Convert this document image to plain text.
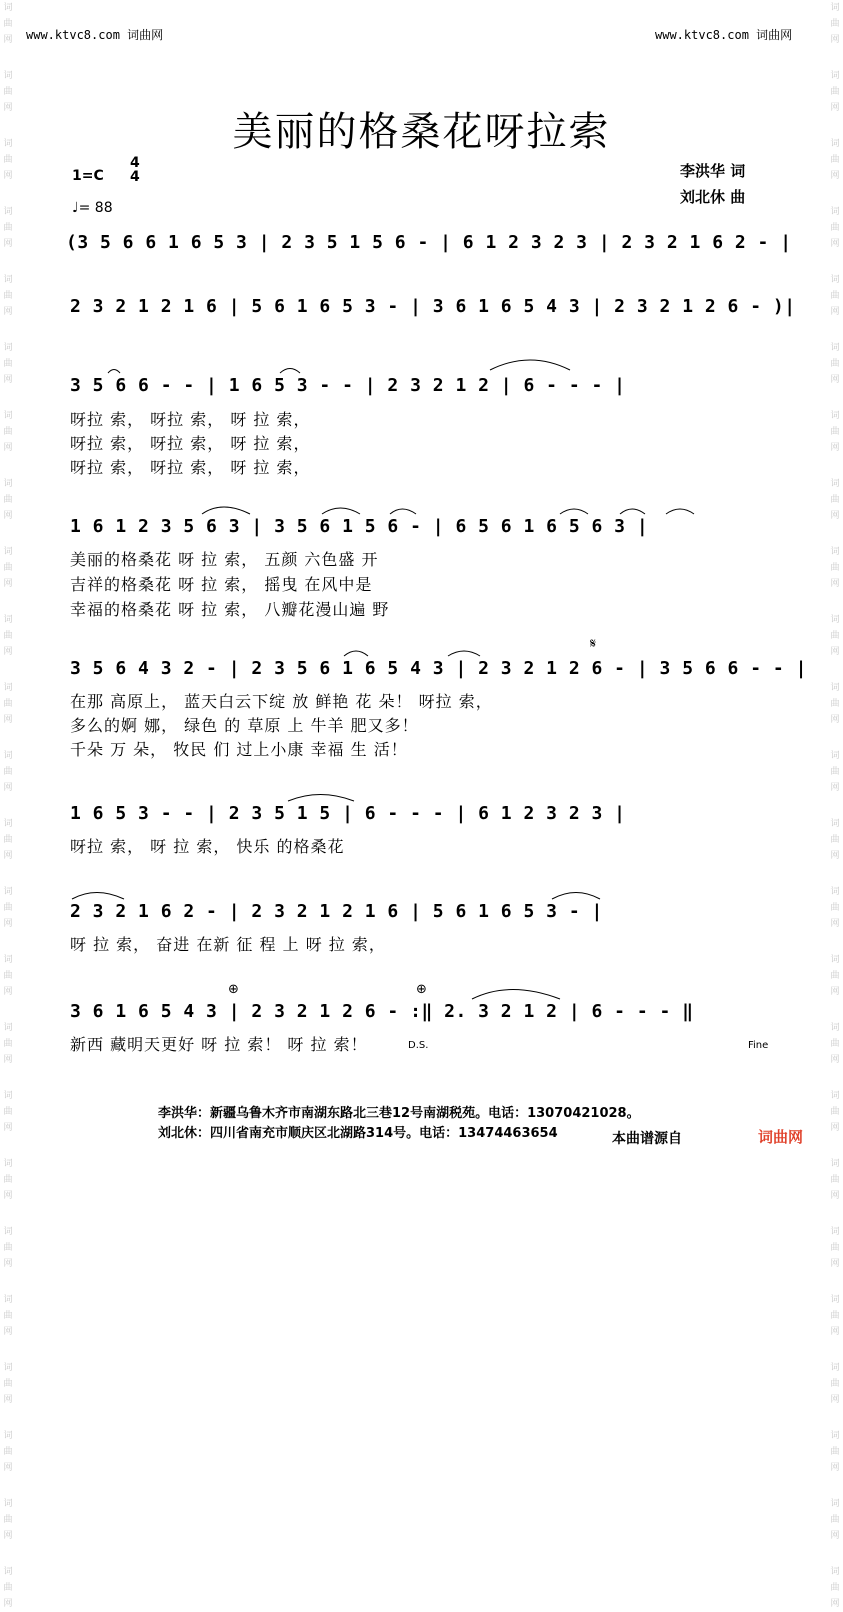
词
曲
网
词
曲
网
词
曲
网
词
曲
网
词
曲
网
词
曲
网
词
曲
网
词
曲
网
词
曲
网
词
曲
网
词
曲
网
词
曲
网
词
曲
网
词
曲
网
词
曲
网
词
曲
网
词
曲
网
词
曲
网
词
曲
网
词
曲
网
词
曲
网
词
曲
网
词
曲
网
词
曲
网
词
曲
网
词
曲
网
词
曲
网
词
曲
网
词
曲
网
词
曲
网
词
曲
网
词
曲
网
词
曲
网
词
曲
网
词
曲
网
词
曲
网
词
曲
网
词
曲
网
词
曲
网
词
曲
网
词
曲
网
词
曲
网
词
曲
网
词
曲
网
词
曲
网
词
曲
网
词
曲
网
词
曲
网
www.ktvc8.com 词曲网	www.ktvc8.com 词曲网
美丽的格桑花呀拉索
1=C
4
4
♩= 88
李洪华 词
刘北休 曲
(3 5 6 6 1 6 5 3 | 2 3 5 1 5 6 - | 6 1 2 3 2 3 | 2 3 2 1 6 2 - |
2 3 2 1 2 1 6 | 5 6 1 6 5 3 - | 3 6 1 6 5 4 3 | 2 3 2 1 2 6 - )|
3 5 6 6 - - | 1 6 5 3 - - | 2 3 2 1 2 | 6 - - - |
呀拉 索， 呀拉 索， 呀 拉 索，
呀拉 索， 呀拉 索， 呀 拉 索，
呀拉 索， 呀拉 索， 呀 拉 索，
1 6 1 2 3 5 6 3 | 3 5 6 1 5 6 - | 6 5 6 1 6 5 6 3 |
美丽的格桑花 呀 拉 索， 五颜 六色盛 开
吉祥的格桑花 呀 拉 索， 摇曳 在风中是
幸福的格桑花 呀 拉 索， 八瓣花漫山遍 野
𝄋
3 5 6 4 3 2 - | 2 3 5 6 1 6 5 4 3 | 2 3 2 1 2 6 - | 3 5 6 6 - - |
在那 高原上， 蓝天白云下绽 放 鲜艳 花 朵！ 呀拉 索，
多么的婀 娜， 绿色 的 草原 上 牛羊 肥又多！
千朵 万 朵， 牧民 们 过上小康 幸福 生 活！
1 6 5 3 - - | 2 3 5 1 5 | 6 - - - | 6 1 2 3 2 3 |
呀拉 索， 呀 拉 索， 快乐 的格桑花
2 3 2 1 6 2 - | 2 3 2 1 2 1 6 | 5 6 1 6 5 3 - |
呀 拉 索， 奋进 在新 征 程 上 呀 拉 索，
⊕	⊕
3 6 1 6 5 4 3 | 2 3 2 1 2 6 - :‖ 2. 3 2 1 2 | 6 - - - ‖
新西 藏明天更好 呀 拉 索！ 呀 拉 索！	D.S.	Fine
李洪华：新疆乌鲁木齐市南湖东路北三巷12号南湖税苑。电话：13070421028。
刘北休：四川省南充市顺庆区北湖路314号。电话：13474463654	本曲谱源自	词曲网
